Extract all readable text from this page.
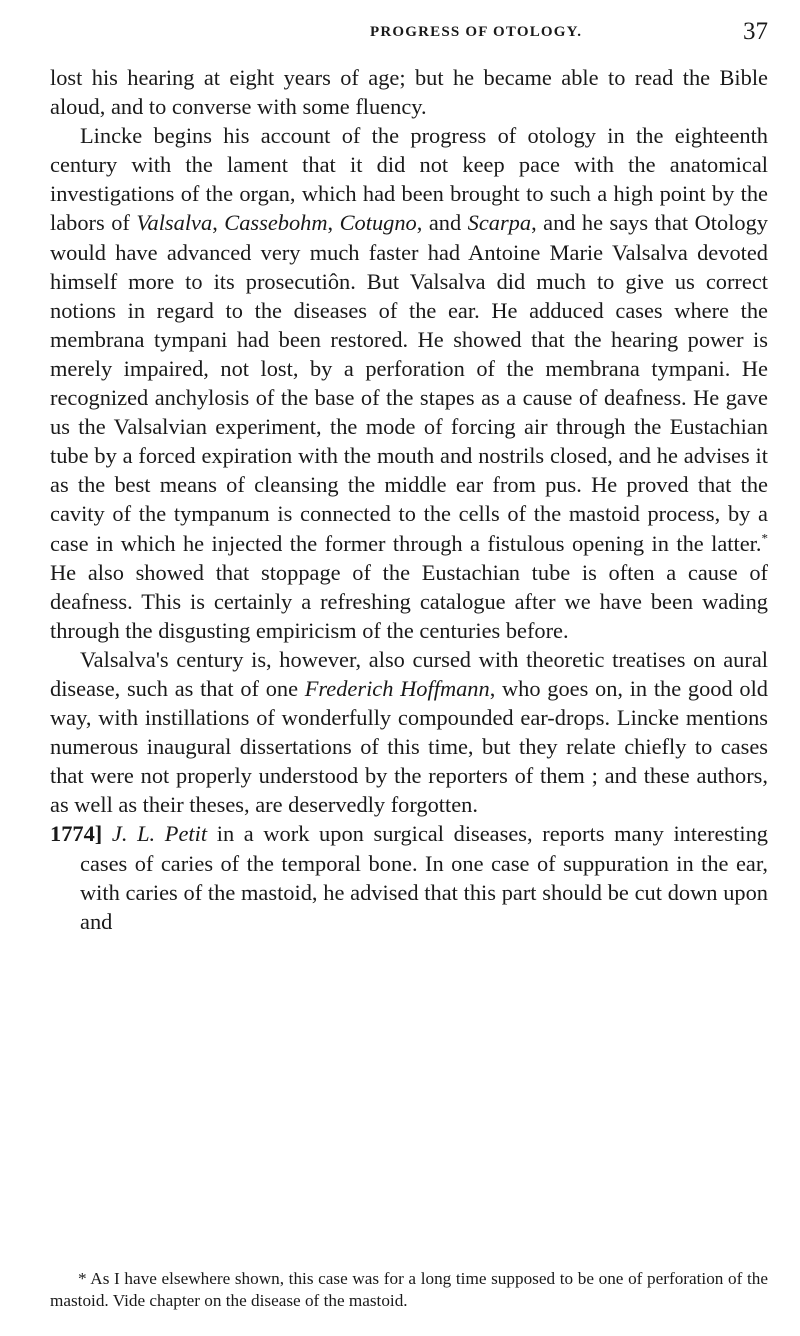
PROGRESS OF OTOLOGY.	37

lost his hearing at eight years of age; but he became able to read the Bible aloud, and to converse with some fluency.

Lincke begins his account of the progress of otology in the eighteenth century with the lament that it did not keep pace with the anatomical investigations of the organ, which had been brought to such a high point by the labors of Valsalva, Cassebohm, Cotugno, and Scarpa, and he says that Otology would have advanced very much faster had Antoine Marie Valsalva devoted himself more to its prosecutiôn. But Valsalva did much to give us correct notions in regard to the diseases of the ear. He adduced cases where the membrana tympani had been restored. He showed that the hearing power is merely impaired, not lost, by a perforation of the membrana tympani. He recognized anchylosis of the base of the stapes as a cause of deafness. He gave us the Valsalvian experiment, the mode of forcing air through the Eustachian tube by a forced expiration with the mouth and nostrils closed, and he advises it as the best means of cleansing the middle ear from pus. He proved that the cavity of the tympanum is connected to the cells of the mastoid process, by a case in which he injected the former through a fistulous opening in the latter.* He also showed that stoppage of the Eustachian tube is often a cause of deafness. This is certainly a refreshing catalogue after we have been wading through the disgusting empiricism of the centuries before.

Valsalva's century is, however, also cursed with theoretic treatises on aural disease, such as that of one Frederich Hoffmann, who goes on, in the good old way, with instillations of wonderfully compounded ear-drops. Lincke mentions numerous inaugural dissertations of this time, but they relate chiefly to cases that were not properly understood by the reporters of them ; and these authors, as well as their theses, are deservedly forgotten.

1774] J. L. Petit in a work upon surgical diseases, reports many interesting cases of caries of the temporal bone. In one case of suppuration in the ear, with caries of the mastoid, he advised that this part should be cut down upon and

* As I have elsewhere shown, this case was for a long time supposed to be one of perforation of the mastoid. Vide chapter on the disease of the mastoid.
